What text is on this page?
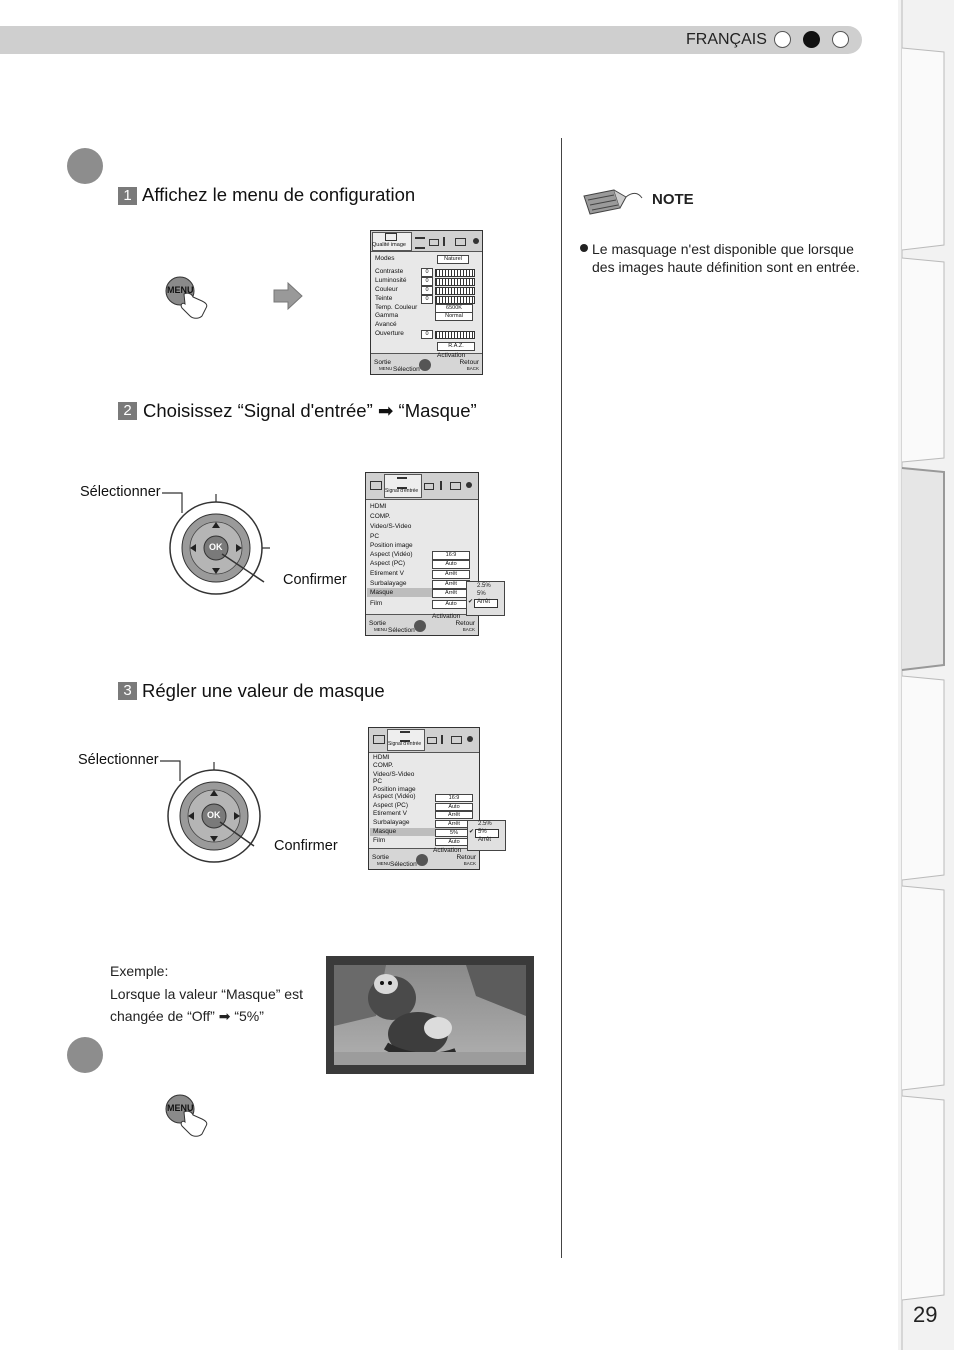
FRANÇAIS
29
1 Affichez le menu de configuration
MENU
Qualité image
Modes	Naturel
Contraste	0
Luminosité	0
Couleur	0
Teinte	0
Temp. Couleur	6500K
Gamma	Normal
Avancé
Ouverture	0
R.A.Z.
Sortie
MENU
Activation
Sélection
Retour
BACK
2 Choisissez “Signal d'entrée” ➡ “Masque”
OK
Sélectionner
Confirmer
Signal d'entrée
HDMI
COMP.
Video/S-Video
PC
Position image
Aspect (Vidéo)	16:9
Aspect (PC)	Auto
Etirement V	Arrêt
Surbalayage	Arrêt
Masque	Arrêt
Film	Auto
Sortie
MENU
Activation
Sélection
Retour
BACK
2.5%
5%
✔ Arrêt
3 Régler une valeur de masque
OK
Sélectionner
Confirmer
Signal d'entrée
HDMI
COMP.
Video/S-Video
PC
Position image
Aspect (Vidéo)	16:9
Aspect (PC)	Auto
Etirement V	Arrêt
Surbalayage	Arrêt
Masque	5%
Film	Auto
Sortie
MENU
Activation
Sélection
Retour
BACK
2.5%
✔ 5%
Arrêt
Exemple:
Lorsque la valeur “Masque” est
changée de “Off” ➡ “5%”
MENU
NOTE
Le masquage n'est disponible que lorsque des images haute définition sont en entrée.
